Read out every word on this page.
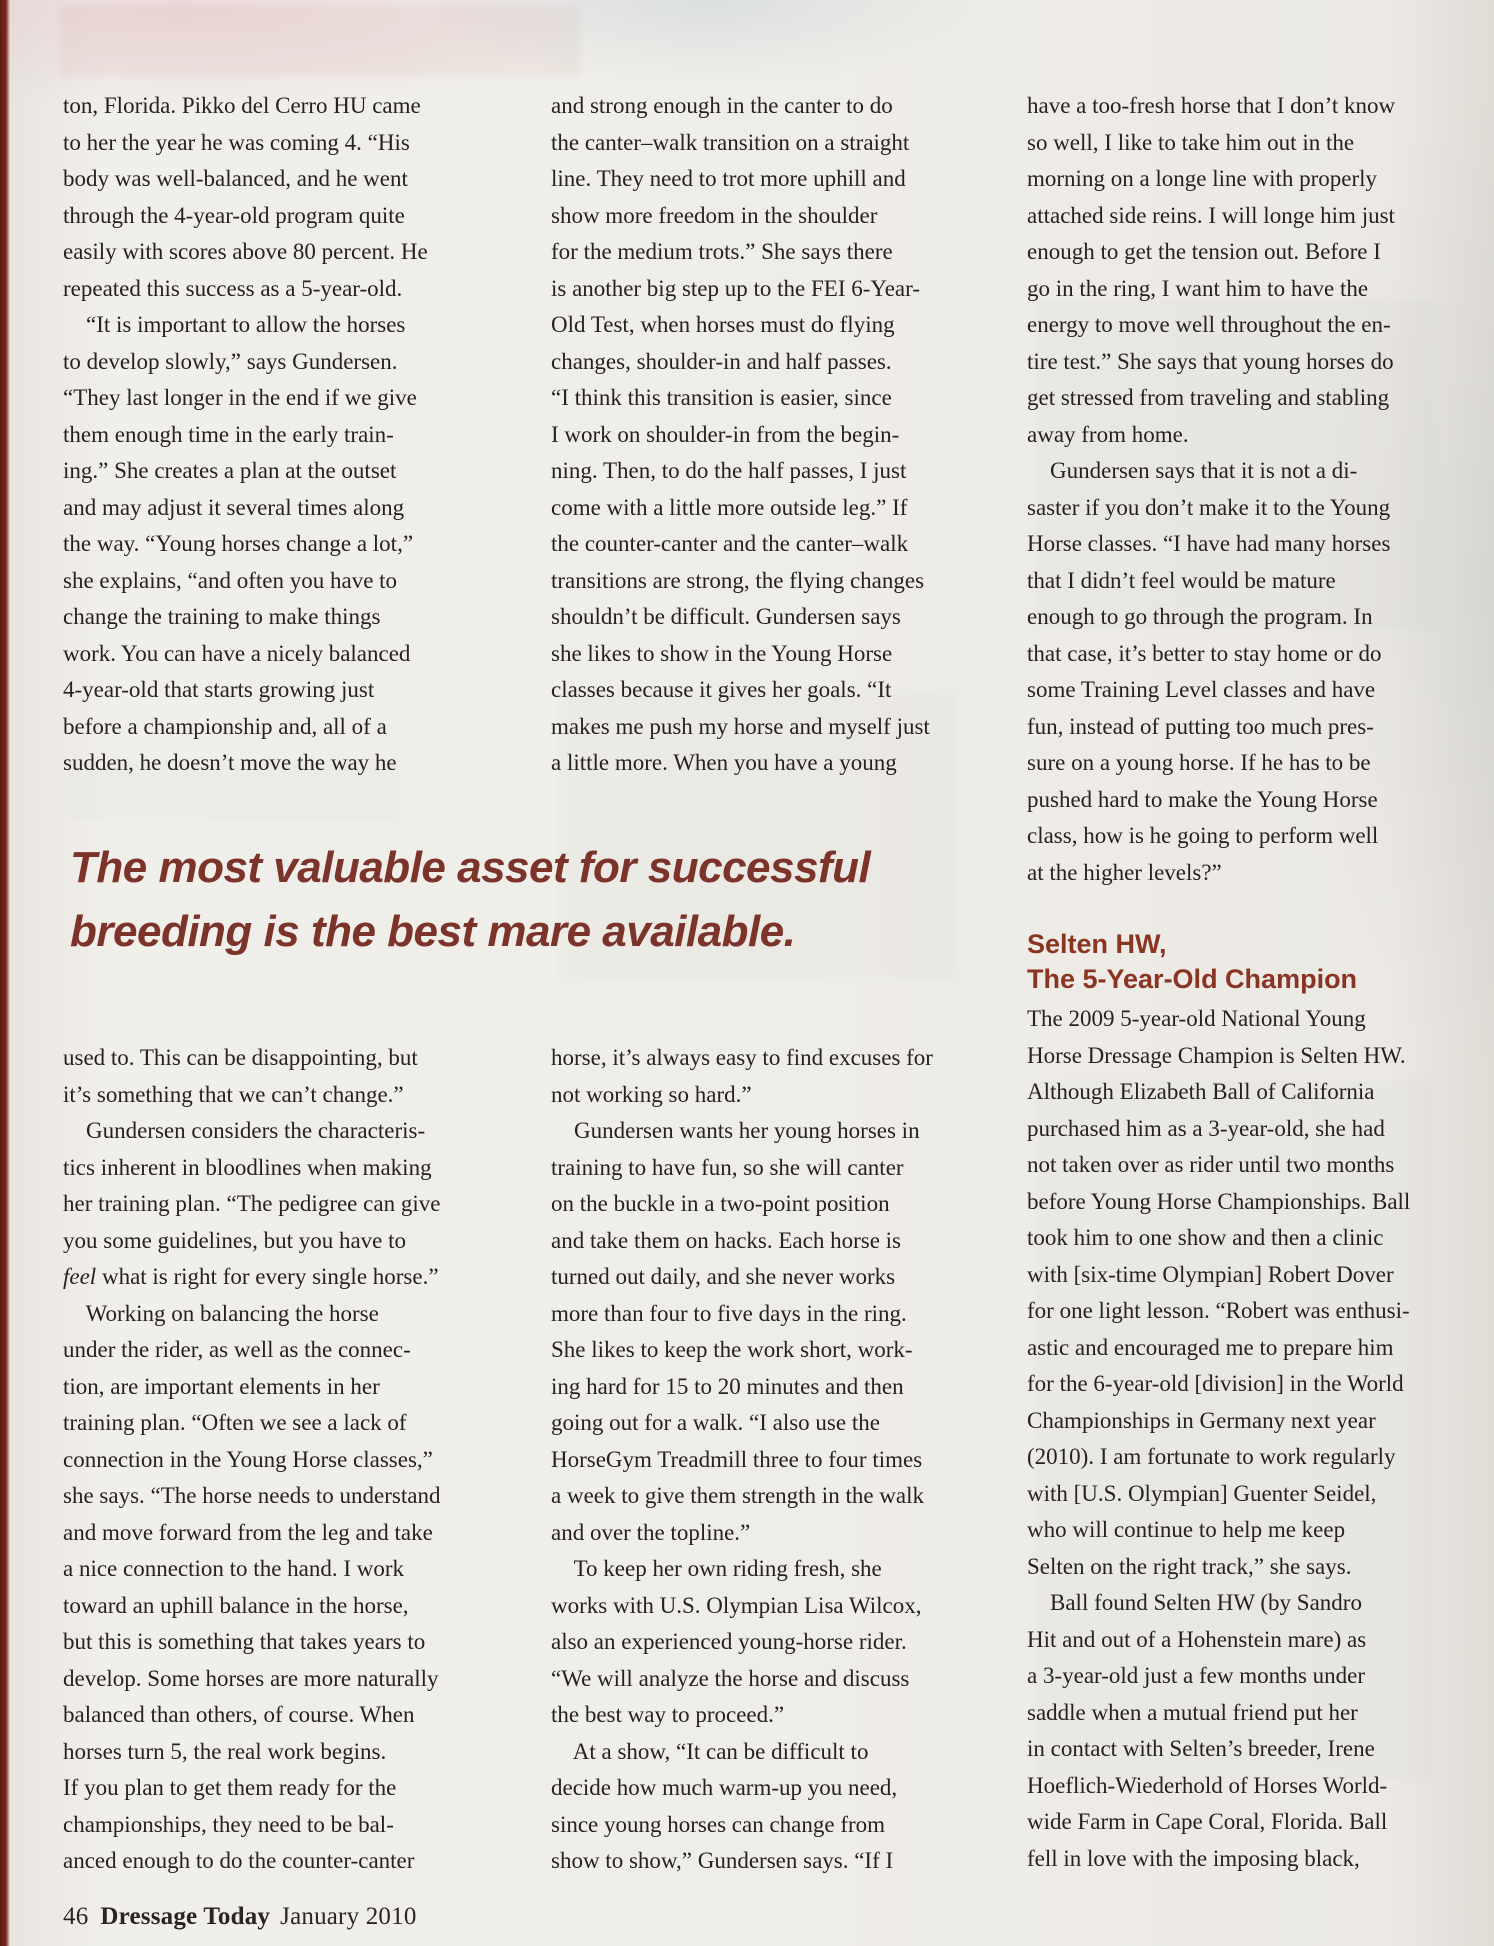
ton, Florida. Pikko del Cerro HU came
to her the year he was coming 4. “His
body was well-balanced, and he went
through the 4-year-old program quite
easily with scores above 80 percent. He
repeated this success as a 5-year-old.
“It is important to allow the horses
to develop slowly,” says Gundersen.
“They last longer in the end if we give
them enough time in the early train-
ing.” She creates a plan at the outset
and may adjust it several times along
the way. “Young horses change a lot,”
she explains, “and often you have to
change the training to make things
work. You can have a nicely balanced
4-year-old that starts growing just
before a championship and, all of a
sudden, he doesn’t move the way he
and strong enough in the canter to do
the canter–walk transition on a straight
line. They need to trot more uphill and
show more freedom in the shoulder
for the medium trots.” She says there
is another big step up to the FEI 6-Year-
Old Test, when horses must do flying
changes, shoulder-in and half passes.
“I think this transition is easier, since
I work on shoulder-in from the begin-
ning. Then, to do the half passes, I just
come with a little more outside leg.” If
the counter-canter and the canter–walk
transitions are strong, the flying changes
shouldn’t be difficult. Gundersen says
she likes to show in the Young Horse
classes because it gives her goals. “It
makes me push my horse and myself just
a little more. When you have a young
have a too-fresh horse that I don’t know
so well, I like to take him out in the
morning on a longe line with properly
attached side reins. I will longe him just
enough to get the tension out. Before I
go in the ring, I want him to have the
energy to move well throughout the en-
tire test.” She says that young horses do
get stressed from traveling and stabling
away from home.
Gundersen says that it is not a di-
saster if you don’t make it to the Young
Horse classes. “I have had many horses
that I didn’t feel would be mature
enough to go through the program. In
that case, it’s better to stay home or do
some Training Level classes and have
fun, instead of putting too much pres-
sure on a young horse. If he has to be
pushed hard to make the Young Horse
class, how is he going to perform well
at the higher levels?”
The most valuable asset for successful
breeding is the best mare available.	Selten HW,
The 5-Year-Old Champion
used to. This can be disappointing, but
it’s something that we can’t change.”
Gundersen considers the characteris-
tics inherent in bloodlines when making
her training plan. “The pedigree can give
you some guidelines, but you have to
feel what is right for every single horse.”
Working on balancing the horse
under the rider, as well as the connec-
tion, are important elements in her
training plan. “Often we see a lack of
connection in the Young Horse classes,”
she says. “The horse needs to understand
and move forward from the leg and take
a nice connection to the hand. I work
toward an uphill balance in the horse,
but this is something that takes years to
develop. Some horses are more naturally
balanced than others, of course. When
horses turn 5, the real work begins.
If you plan to get them ready for the
championships, they need to be bal-
anced enough to do the counter-canter
horse, it’s always easy to find excuses for
not working so hard.”
Gundersen wants her young horses in
training to have fun, so she will canter
on the buckle in a two-point position
and take them on hacks. Each horse is
turned out daily, and she never works
more than four to five days in the ring.
She likes to keep the work short, work-
ing hard for 15 to 20 minutes and then
going out for a walk. “I also use the
HorseGym Treadmill three to four times
a week to give them strength in the walk
and over the topline.”
To keep her own riding fresh, she
works with U.S. Olympian Lisa Wilcox,
also an experienced young-horse rider.
“We will analyze the horse and discuss
the best way to proceed.”
At a show, “It can be difficult to
decide how much warm-up you need,
since young horses can change from
show to show,” Gundersen says. “If I
The 2009 5-year-old National Young
Horse Dressage Champion is Selten HW.
Although Elizabeth Ball of California
purchased him as a 3-year-old, she had
not taken over as rider until two months
before Young Horse Championships. Ball
took him to one show and then a clinic
with [six-time Olympian] Robert Dover
for one light lesson. “Robert was enthusi-
astic and encouraged me to prepare him
for the 6-year-old [division] in the World
Championships in Germany next year
(2010). I am fortunate to work regularly
with [U.S. Olympian] Guenter Seidel,
who will continue to help me keep
Selten on the right track,” she says.
Ball found Selten HW (by Sandro
Hit and out of a Hohenstein mare) as
a 3-year-old just a few months under
saddle when a mutual friend put her
in contact with Selten’s breeder, Irene
Hoeflich-Wiederhold of Horses World-
wide Farm in Cape Coral, Florida. Ball
fell in love with the imposing black,
46 Dressage Today January 2010
